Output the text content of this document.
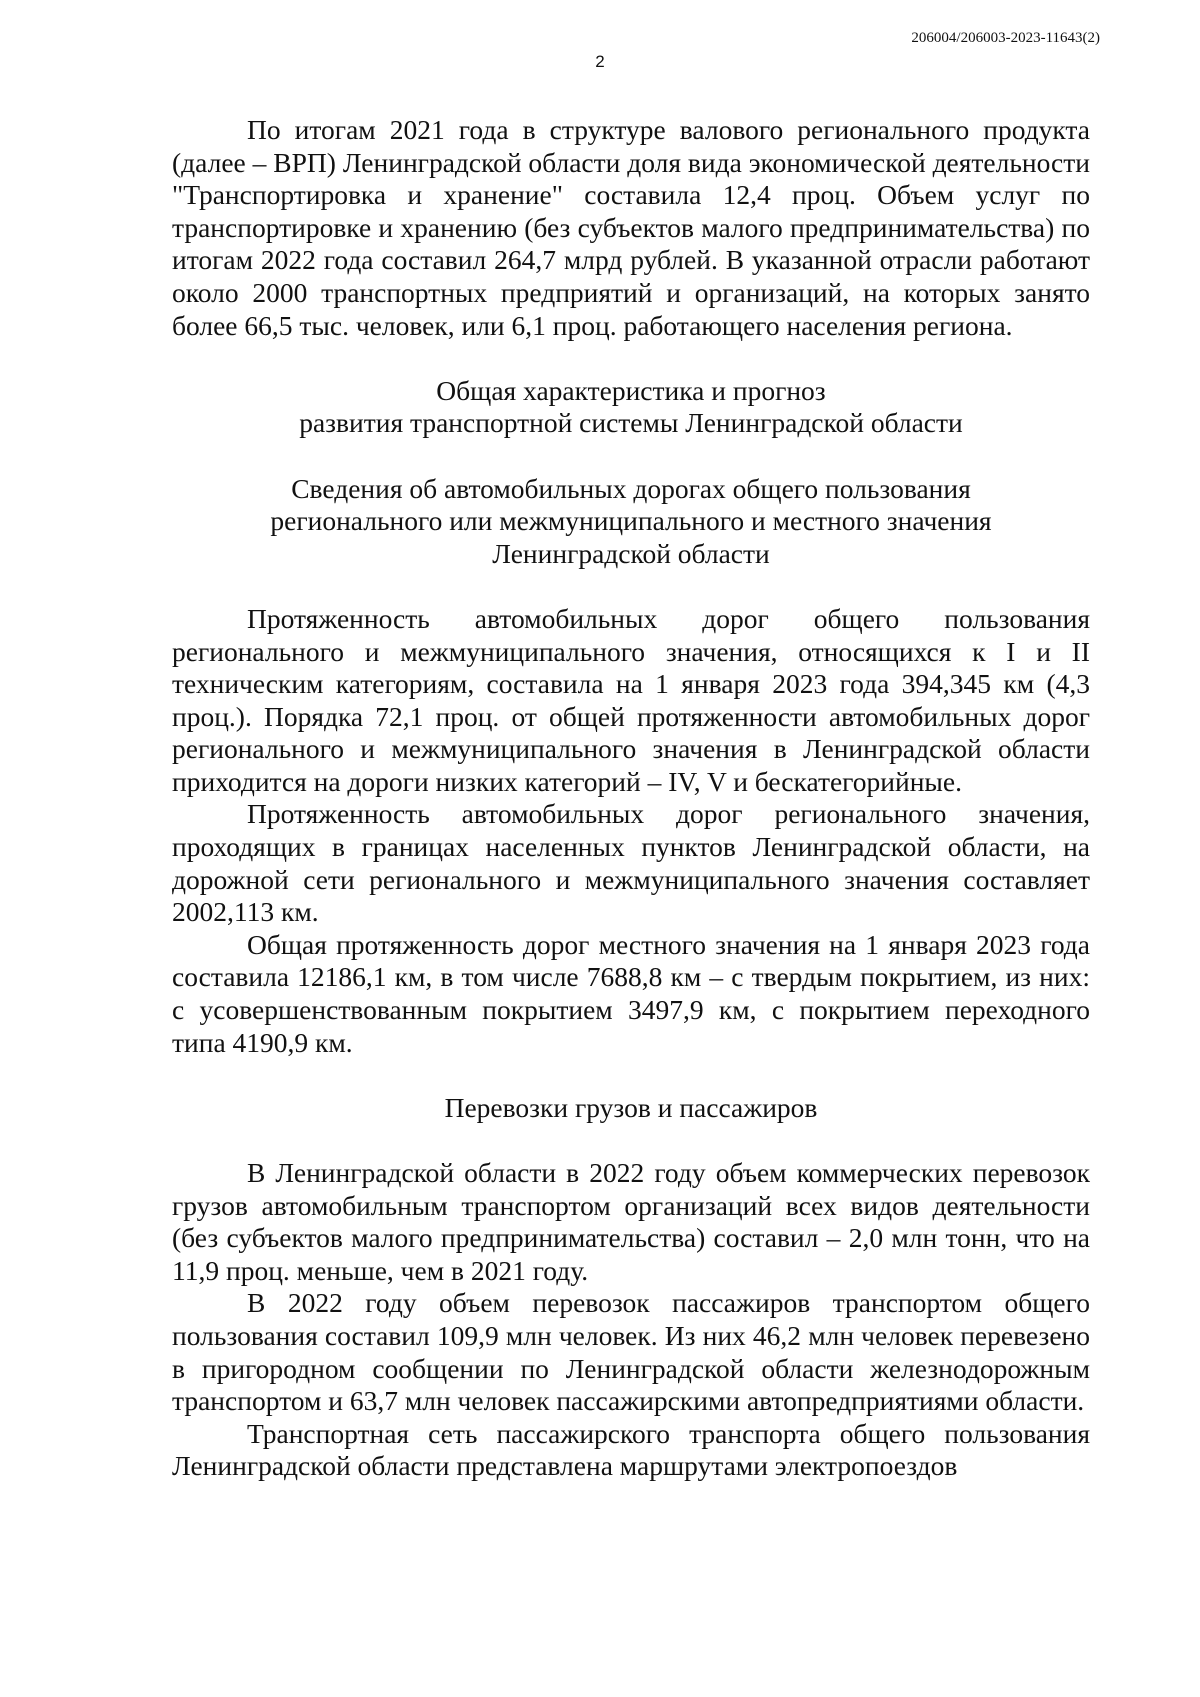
206004/206003-2023-11643(2)
2

По итогам 2021 года в структуре валового регионального продукта (далее – ВРП) Ленинградской области доля вида экономической деятельности "Транспортировка и хранение" составила 12,4 проц. Объем услуг по транспортировке и хранению (без субъектов малого предпринимательства) по итогам 2022 года составил 264,7 млрд рублей. В указанной отрасли работают около 2000 транспортных предприятий и организаций, на которых занято более 66,5 тыс. человек, или 6,1 проц. работающего населения региона.

Общая характеристика и прогноз
развития транспортной системы Ленинградской области
Сведения об автомобильных дорогах общего пользования
регионального или межмуниципального и местного значения
Ленинградской области

Протяженность автомобильных дорог общего пользования регионального и межмуниципального значения, относящихся к I и II техническим категориям, составила на 1 января 2023 года 394,345 км (4,3 проц.). Порядка 72,1 проц. от общей протяженности автомобильных дорог регионального и межмуниципального значения в Ленинградской области приходится на дороги низких категорий – IV, V и бескатегорийные.

Протяженность автомобильных дорог регионального значения, проходящих в границах населенных пунктов Ленинградской области, на дорожной сети регионального и межмуниципального значения составляет 2002,113 км.

Общая протяженность дорог местного значения на 1 января 2023 года составила 12186,1 км, в том числе 7688,8 км – с твердым покрытием, из них: с усовершенствованным покрытием 3497,9 км, с покрытием переходного типа 4190,9 км.

Перевозки грузов и пассажиров

В Ленинградской области в 2022 году объем коммерческих перевозок грузов автомобильным транспортом организаций всех видов деятельности (без субъектов малого предпринимательства) составил – 2,0 млн тонн, что на 11,9 проц. меньше, чем в 2021 году.

В 2022 году объем перевозок пассажиров транспортом общего пользования составил 109,9 млн человек. Из них 46,2 млн человек перевезено в пригородном сообщении по Ленинградской области железнодорожным транспортом и 63,7 млн человек пассажирскими автопредприятиями области.

Транспортная сеть пассажирского транспорта общего пользования Ленинградской области представлена маршрутами электропоездов
